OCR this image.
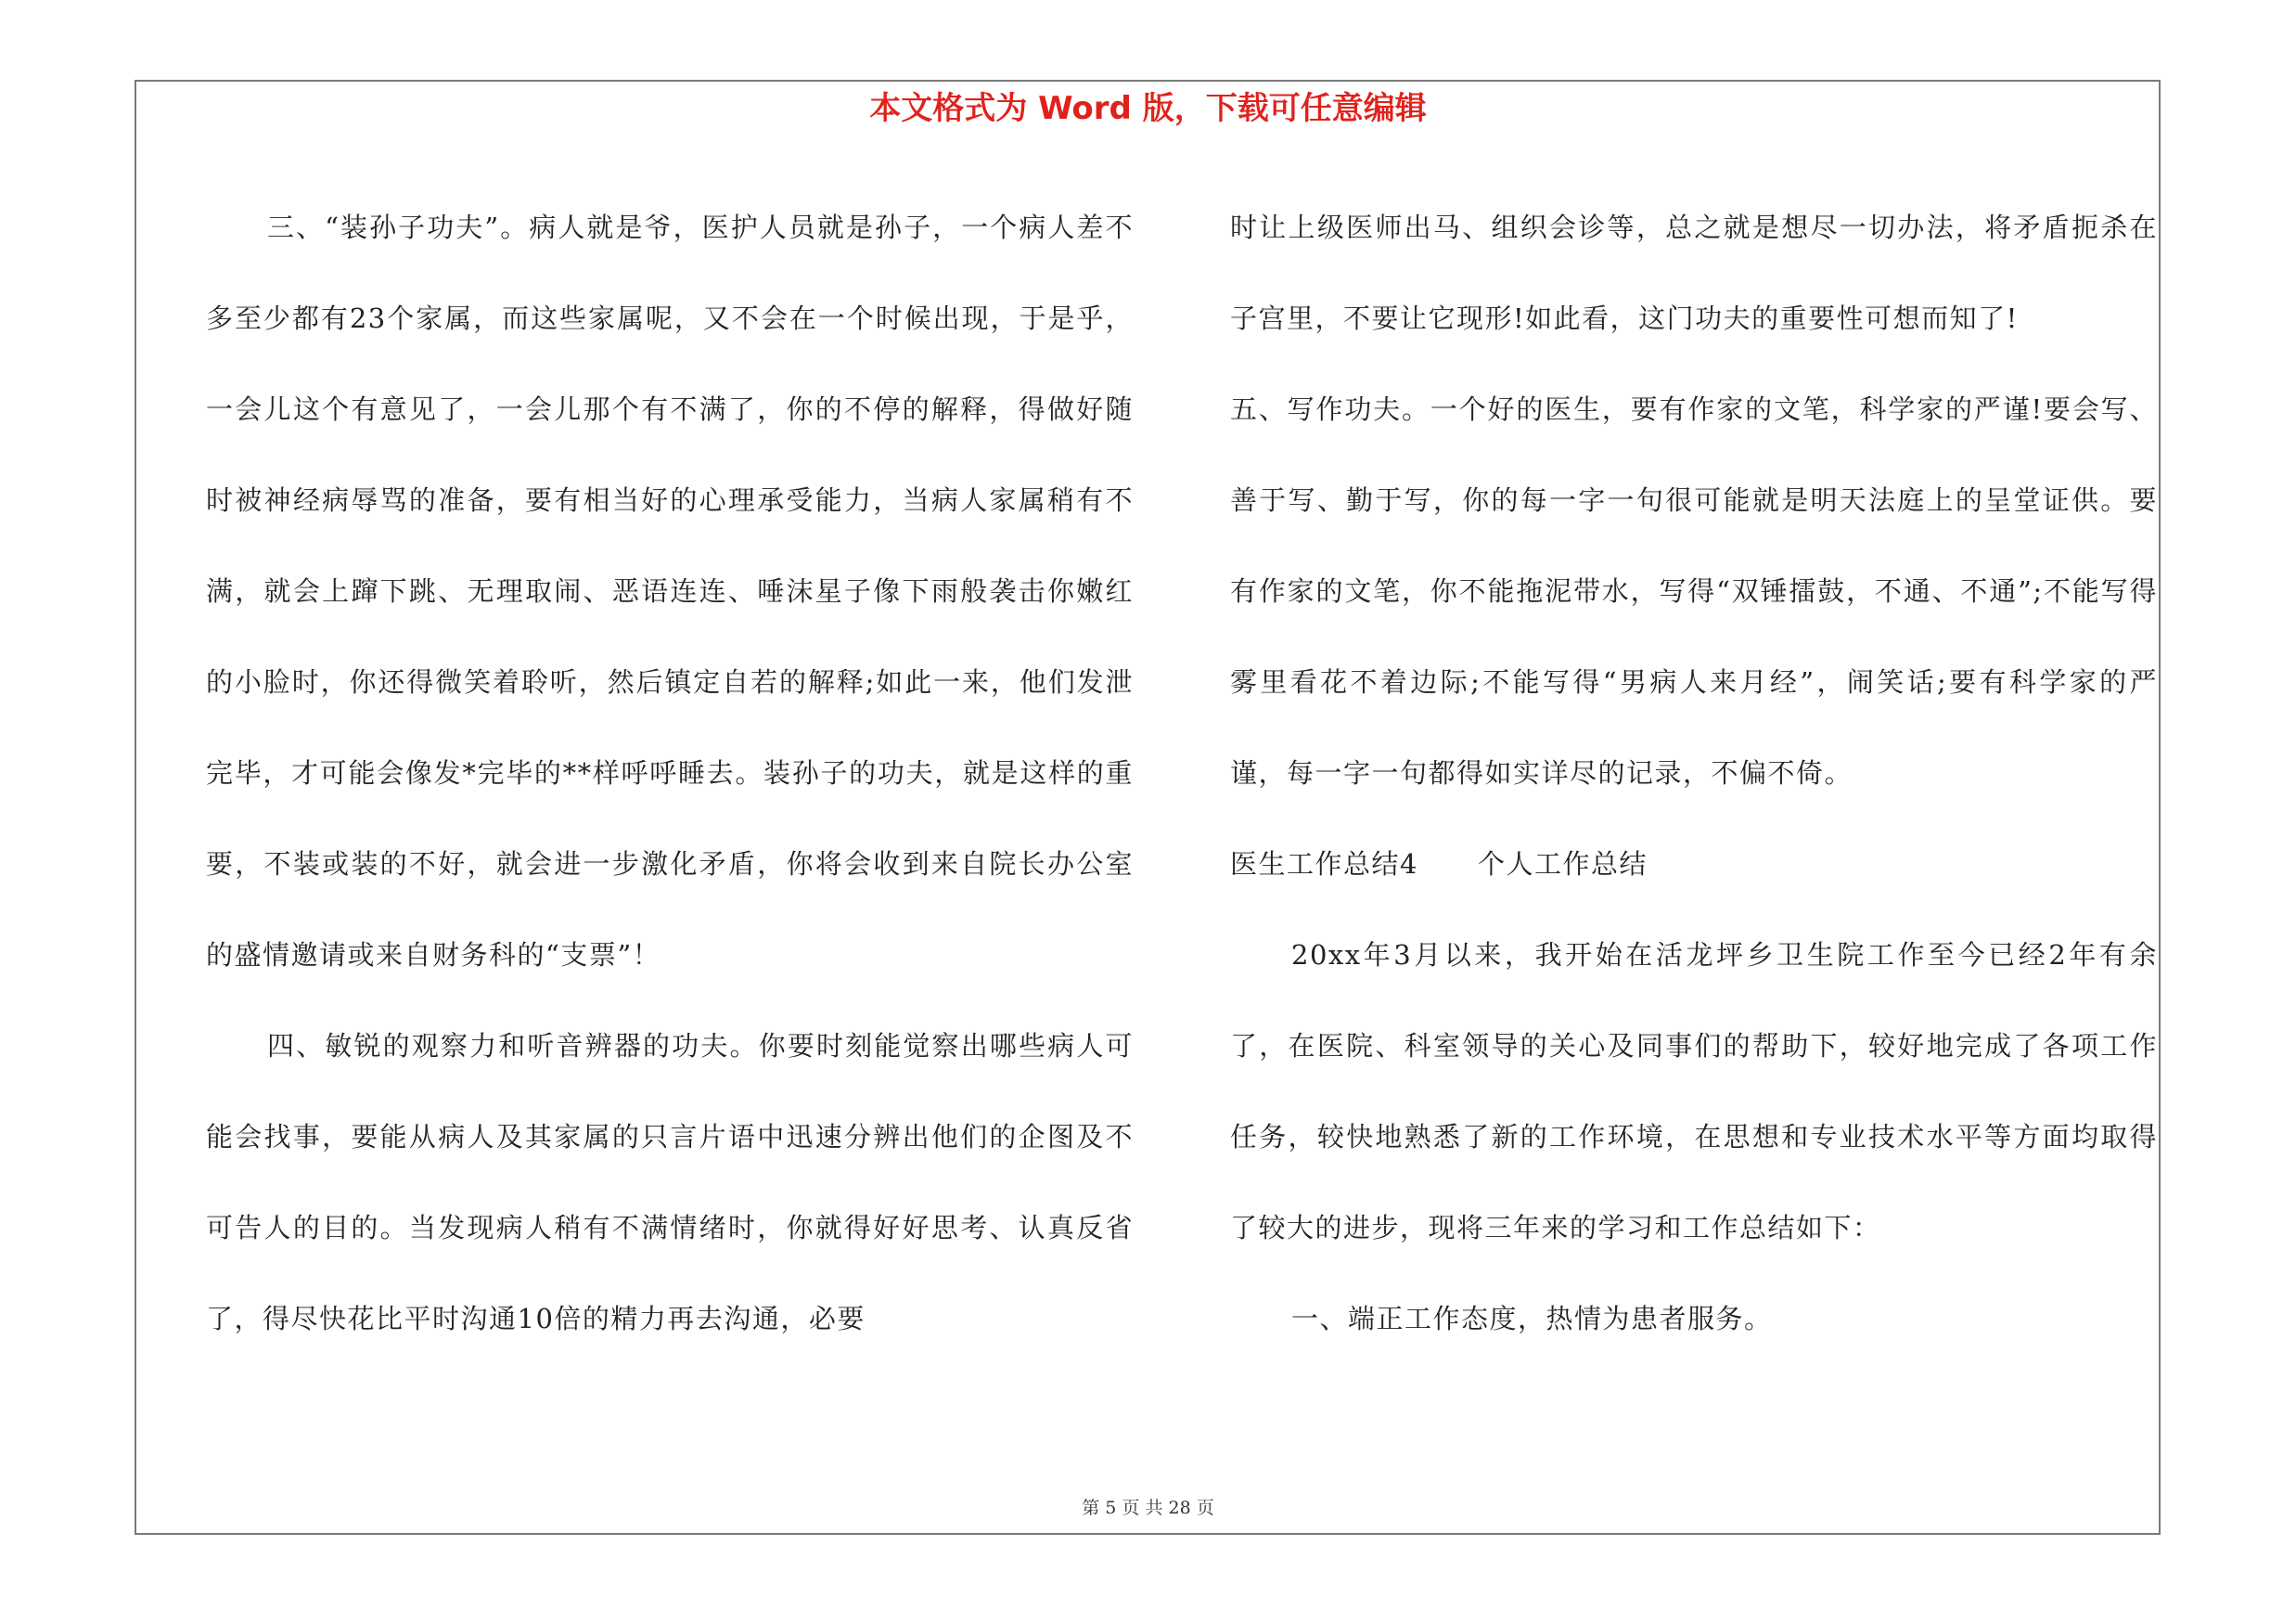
本文格式为 Word 版，下载可任意编辑

三、“装孙子功夫”。病人就是爷，医护人员就是孙子，一个病人差不多至少都有23个家属，而这些家属呢，又不会在一个时候出现，于是乎，一会儿这个有意见了，一会儿那个有不满了，你的不停的解释，得做好随时被神经病辱骂的准备，要有相当好的心理承受能力，当病人家属稍有不满，就会上蹿下跳、无理取闹、恶语连连、唾沫星子像下雨般袭击你嫩红的小脸时，你还得微笑着聆听，然后镇定自若的解释;如此一来，他们发泄完毕，才可能会像发*完毕的**样呼呼睡去。装孙子的功夫，就是这样的重要，不装或装的不好，就会进一步激化矛盾，你将会收到来自院长办公室的盛情邀请或来自财务科的“支票”！

四、敏锐的观察力和听音辨器的功夫。你要时刻能觉察出哪些病人可能会找事，要能从病人及其家属的只言片语中迅速分辨出他们的企图及不可告人的目的。当发现病人稍有不满情绪时，你就得好好思考、认真反省了，得尽快花比平时沟通10倍的精力再去沟通，必要

时让上级医师出马、组织会诊等，总之就是想尽一切办法，将矛盾扼杀在子宫里，不要让它现形!如此看，这门功夫的重要性可想而知了!

五、写作功夫。一个好的医生，要有作家的文笔，科学家的严谨!要会写、善于写、勤于写，你的每一字一句很可能就是明天法庭上的呈堂证供。要有作家的文笔，你不能拖泥带水，写得“双锤擂鼓，不通、不通”;不能写得雾里看花不着边际;不能写得“男病人来月经”，闹笑话;要有科学家的严谨，每一字一句都得如实详尽的记录，不偏不倚。

医生工作总结4 个人工作总结

20xx年3月以来，我开始在活龙坪乡卫生院工作至今已经2年有余了，在医院、科室领导的关心及同事们的帮助下，较好地完成了各项工作任务，较快地熟悉了新的工作环境，在思想和专业技术水平等方面均取得了较大的进步，现将三年来的学习和工作总结如下：

一、端正工作态度，热情为患者服务。

第 5 页 共 28 页
